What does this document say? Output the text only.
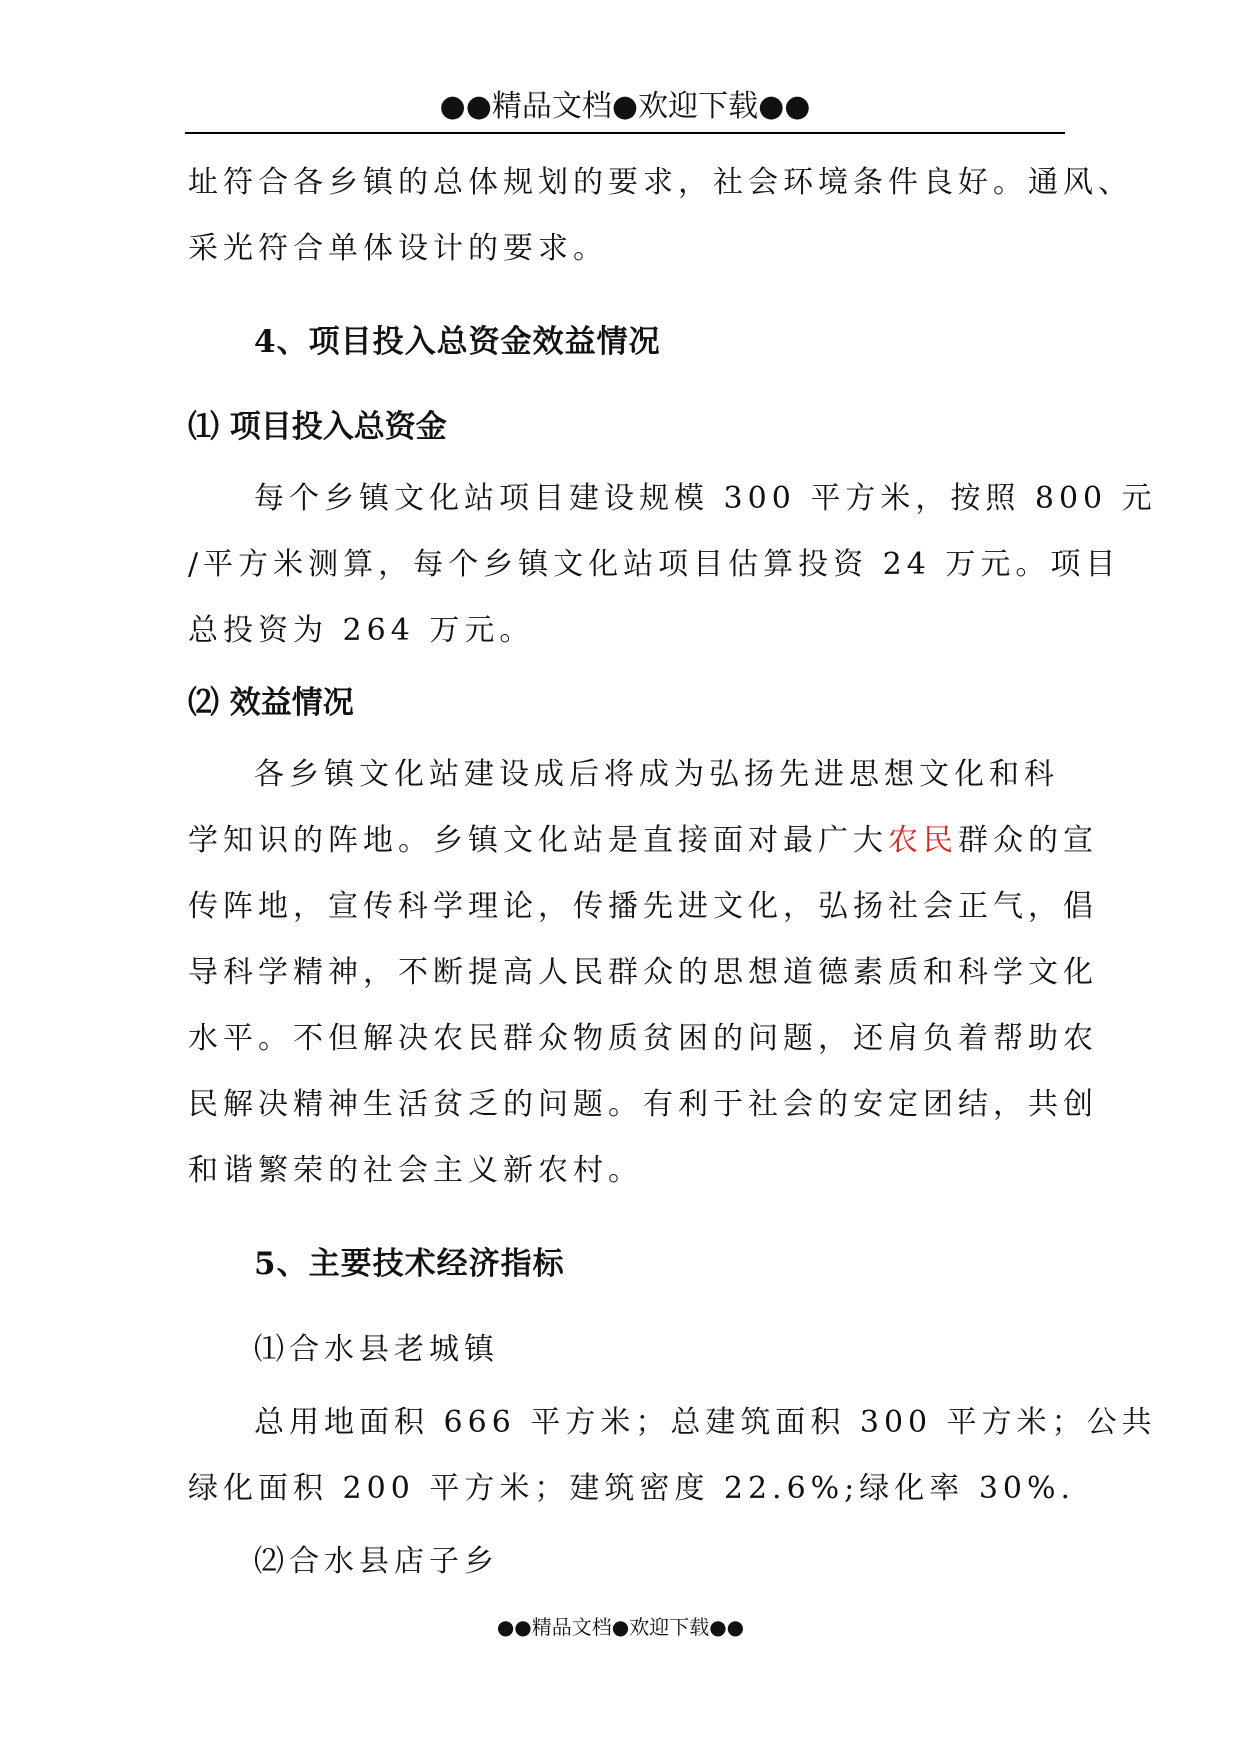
●●精品文档●欢迎下载●●

址符合各乡镇的总体规划的要求，社会环境条件良好。通风、

采光符合单体设计的要求。

4、项目投入总资金效益情况

⑴ 项目投入总资金

每个乡镇文化站项目建设规模 300 平方米，按照 800 元

/平方米测算，每个乡镇文化站项目估算投资 24 万元。项目

总投资为 264 万元。

⑵ 效益情况

各乡镇文化站建设成后将成为弘扬先进思想文化和科

学知识的阵地。乡镇文化站是直接面对最广大农民群众的宣

传阵地，宣传科学理论，传播先进文化，弘扬社会正气，倡

导科学精神，不断提高人民群众的思想道德素质和科学文化

水平。不但解决农民群众物质贫困的问题，还肩负着帮助农

民解决精神生活贫乏的问题。有利于社会的安定团结，共创

和谐繁荣的社会主义新农村。

5、主要技术经济指标

⑴合水县老城镇

总用地面积 666 平方米；总建筑面积 300 平方米；公共

绿化面积 200 平方米；建筑密度 22.6%;绿化率 30%.

⑵合水县店子乡

●●精品文档●欢迎下载●●
